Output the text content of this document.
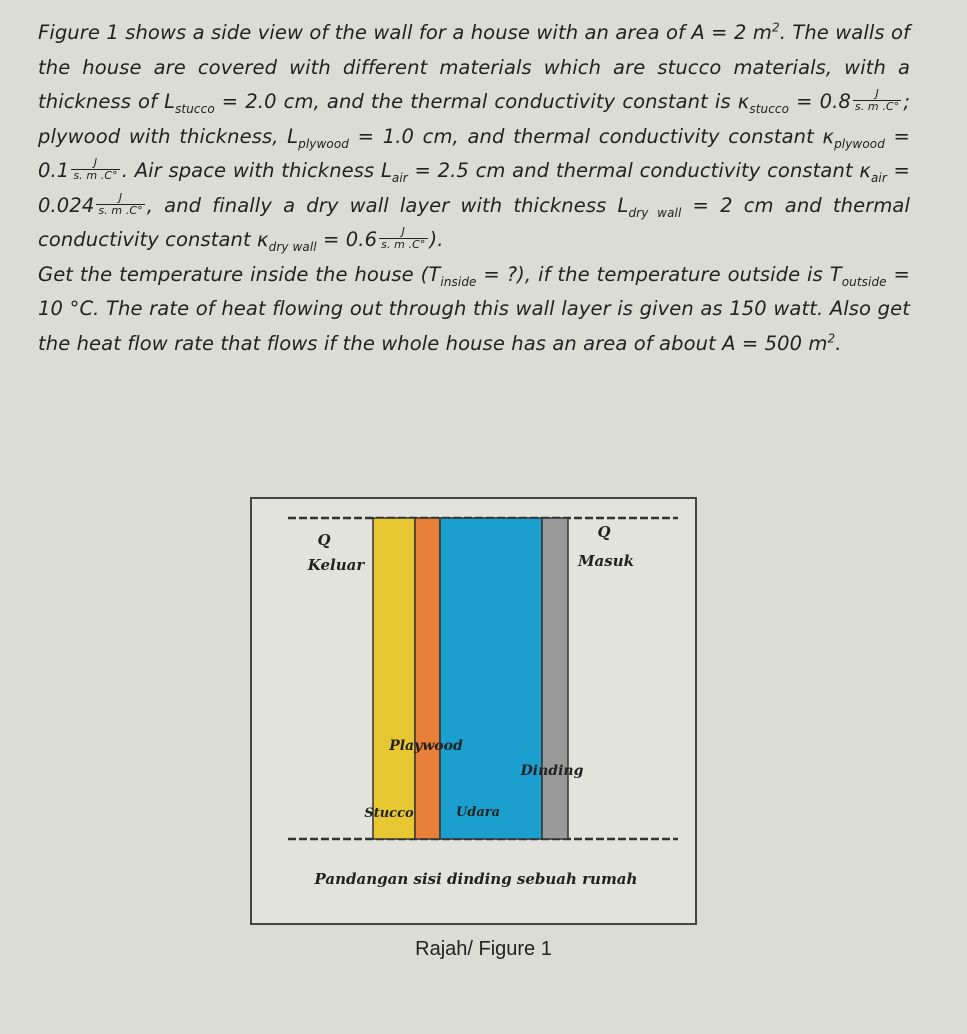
Figure 1 shows a side view of the wall for a house with an area of A = 2 $m^2$. The walls of the house are covered with different materials which are stucco materials, with a thickness of $L_{stucco} = 2.0$ cm, and the thermal conductivity constant is $\kappa_{stucco} = 0.8 \frac{J}{s. m .C^\circ}$ ; plywood with thickness, $L_{plywood} = 1.0$ cm, and thermal conductivity constant $\kappa_{plywood} = 0.1 \frac{J}{s. m .C^\circ}$ . Air space with thickness $L_{air} = 2.5$ cm and thermal conductivity constant $\kappa_{air} = 0.024 \frac{J}{s. m .C^\circ}$ , and finally a dry wall layer with thickness $L_{dry wall} = 2$ cm and thermal conductivity constant $\kappa_{dry wall} = 0.6 \frac{J}{s. m .C^\circ}$ ).

Get the temperature inside the house ($T_{inside}$ = ?), if the temperature outside is $T_{outside} = 10$ °C. The rate of heat flowing out through this wall layer is given as 150 watt. Also get the heat flow rate that flows if the whole house has an area of about A = 500 $m^2$.

Q
Keluar
Q
Masuk
Playwood
Dinding
Stucco	Udara
Pandangan sisi dinding sebuah rumah
Rajah/ Figure 1
